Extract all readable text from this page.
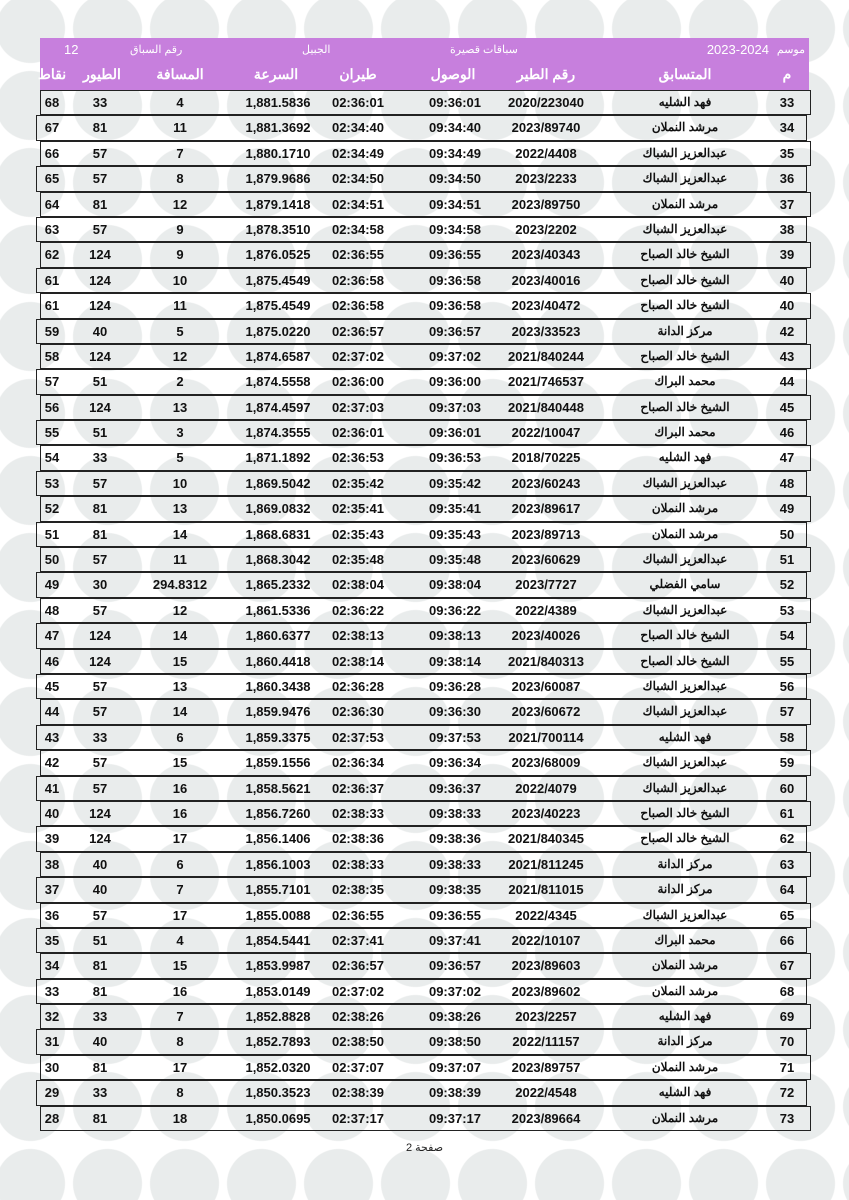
موسم
2023-2024
سباقات قصيرة
الجبيل
رقم السباق
12
م
المتسابق
رقم الطير
الوصول
طيران
السرعة
المسافة
الطيور
نقاط
33
فهد الشليه
2020/223040
09:36:01
02:36:01
1,881.5836
4
33
68
34
مرشد النملان
2023/89740
09:34:40
02:34:40
1,881.3692
11
81
67
35
عبدالعزيز الشباك
2022/4408
09:34:49
02:34:49
1,880.1710
7
57
66
36
عبدالعزيز الشباك
2023/2233
09:34:50
02:34:50
1,879.9686
8
57
65
37
مرشد النملان
2023/89750
09:34:51
02:34:51
1,879.1418
12
81
64
38
عبدالعزيز الشباك
2023/2202
09:34:58
02:34:58
1,878.3510
9
57
63
39
الشيخ خالد الصباح
2023/40343
09:36:55
02:36:55
1,876.0525
9
124
62
40
الشيخ خالد الصباح
2023/40016
09:36:58
02:36:58
1,875.4549
10
124
61
40
الشيخ خالد الصباح
2023/40472
09:36:58
02:36:58
1,875.4549
11
124
61
42
مركز الدانة
2023/33523
09:36:57
02:36:57
1,875.0220
5
40
59
43
الشيخ خالد الصباح
2021/840244
09:37:02
02:37:02
1,874.6587
12
124
58
44
محمد البراك
2021/746537
09:36:00
02:36:00
1,874.5558
2
51
57
45
الشيخ خالد الصباح
2021/840448
09:37:03
02:37:03
1,874.4597
13
124
56
46
محمد البراك
2022/10047
09:36:01
02:36:01
1,874.3555
3
51
55
47
فهد الشليه
2018/70225
09:36:53
02:36:53
1,871.1892
5
33
54
48
عبدالعزيز الشباك
2023/60243
09:35:42
02:35:42
1,869.5042
10
57
53
49
مرشد النملان
2023/89617
09:35:41
02:35:41
1,869.0832
13
81
52
50
مرشد النملان
2023/89713
09:35:43
02:35:43
1,868.6831
14
81
51
51
عبدالعزيز الشباك
2023/60629
09:35:48
02:35:48
1,868.3042
11
57
50
52
سامي الفضلي
2023/7727
09:38:04
02:38:04
1,865.2332
294.8312
30
49
53
عبدالعزيز الشباك
2022/4389
09:36:22
02:36:22
1,861.5336
12
57
48
54
الشيخ خالد الصباح
2023/40026
09:38:13
02:38:13
1,860.6377
14
124
47
55
الشيخ خالد الصباح
2021/840313
09:38:14
02:38:14
1,860.4418
15
124
46
56
عبدالعزيز الشباك
2023/60087
09:36:28
02:36:28
1,860.3438
13
57
45
57
عبدالعزيز الشباك
2023/60672
09:36:30
02:36:30
1,859.9476
14
57
44
58
فهد الشليه
2021/700114
09:37:53
02:37:53
1,859.3375
6
33
43
59
عبدالعزيز الشباك
2023/68009
09:36:34
02:36:34
1,859.1556
15
57
42
60
عبدالعزيز الشباك
2022/4079
09:36:37
02:36:37
1,858.5621
16
57
41
61
الشيخ خالد الصباح
2023/40223
09:38:33
02:38:33
1,856.7260
16
124
40
62
الشيخ خالد الصباح
2021/840345
09:38:36
02:38:36
1,856.1406
17
124
39
63
مركز الدانة
2021/811245
09:38:33
02:38:33
1,856.1003
6
40
38
64
مركز الدانة
2021/811015
09:38:35
02:38:35
1,855.7101
7
40
37
65
عبدالعزيز الشباك
2022/4345
09:36:55
02:36:55
1,855.0088
17
57
36
66
محمد البراك
2022/10107
09:37:41
02:37:41
1,854.5441
4
51
35
67
مرشد النملان
2023/89603
09:36:57
02:36:57
1,853.9987
15
81
34
68
مرشد النملان
2023/89602
09:37:02
02:37:02
1,853.0149
16
81
33
69
فهد الشليه
2023/2257
09:38:26
02:38:26
1,852.8828
7
33
32
70
مركز الدانة
2022/11157
09:38:50
02:38:50
1,852.7893
8
40
31
71
مرشد النملان
2023/89757
09:37:07
02:37:07
1,852.0320
17
81
30
72
فهد الشليه
2022/4548
09:38:39
02:38:39
1,850.3523
8
33
29
73
مرشد النملان
2023/89664
09:37:17
02:37:17
1,850.0695
18
81
28
صفحة 2
